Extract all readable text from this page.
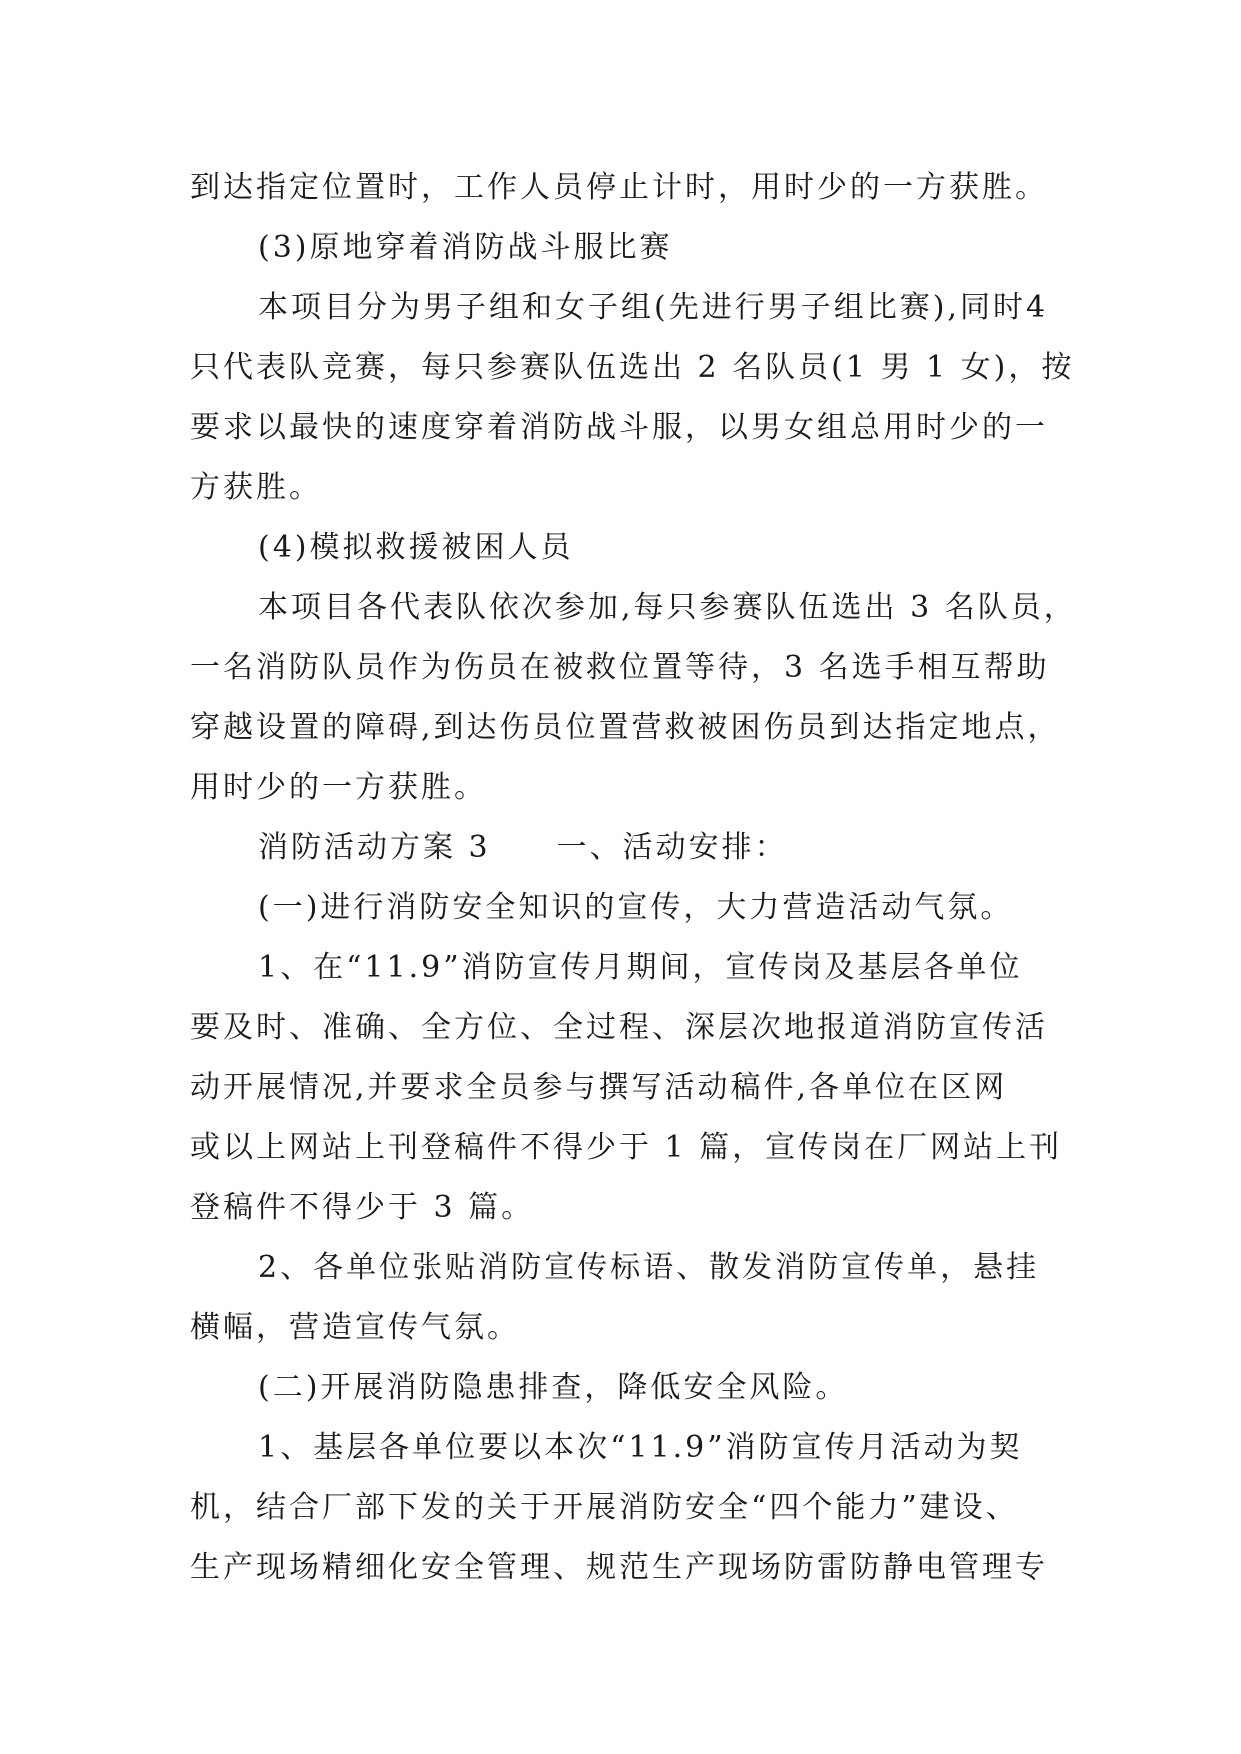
到达指定位置时，工作人员停止计时，用时少的一方获胜。
(3)原地穿着消防战斗服比赛
本项目分为男子组和女子组(先进行男子组比赛),同时4
只代表队竞赛，每只参赛队伍选出 2 名队员(1 男 1 女)，按
要求以最快的速度穿着消防战斗服，以男女组总用时少的一
方获胜。
(4)模拟救援被困人员
本项目各代表队依次参加,每只参赛队伍选出 3 名队员，
一名消防队员作为伤员在被救位置等待，3 名选手相互帮助
穿越设置的障碍,到达伤员位置营救被困伤员到达指定地点，
用时少的一方获胜。
消防活动方案 3　　一、活动安排：
(一)进行消防安全知识的宣传，大力营造活动气氛。
1、在“11.9”消防宣传月期间，宣传岗及基层各单位
要及时、准确、全方位、全过程、深层次地报道消防宣传活
动开展情况,并要求全员参与撰写活动稿件,各单位在区网
或以上网站上刊登稿件不得少于 1 篇，宣传岗在厂网站上刊
登稿件不得少于 3 篇。
2、各单位张贴消防宣传标语、散发消防宣传单，悬挂
横幅，营造宣传气氛。
(二)开展消防隐患排查，降低安全风险。
1、基层各单位要以本次“11.9”消防宣传月活动为契
机，结合厂部下发的关于开展消防安全“四个能力”建设、
生产现场精细化安全管理、规范生产现场防雷防静电管理专
